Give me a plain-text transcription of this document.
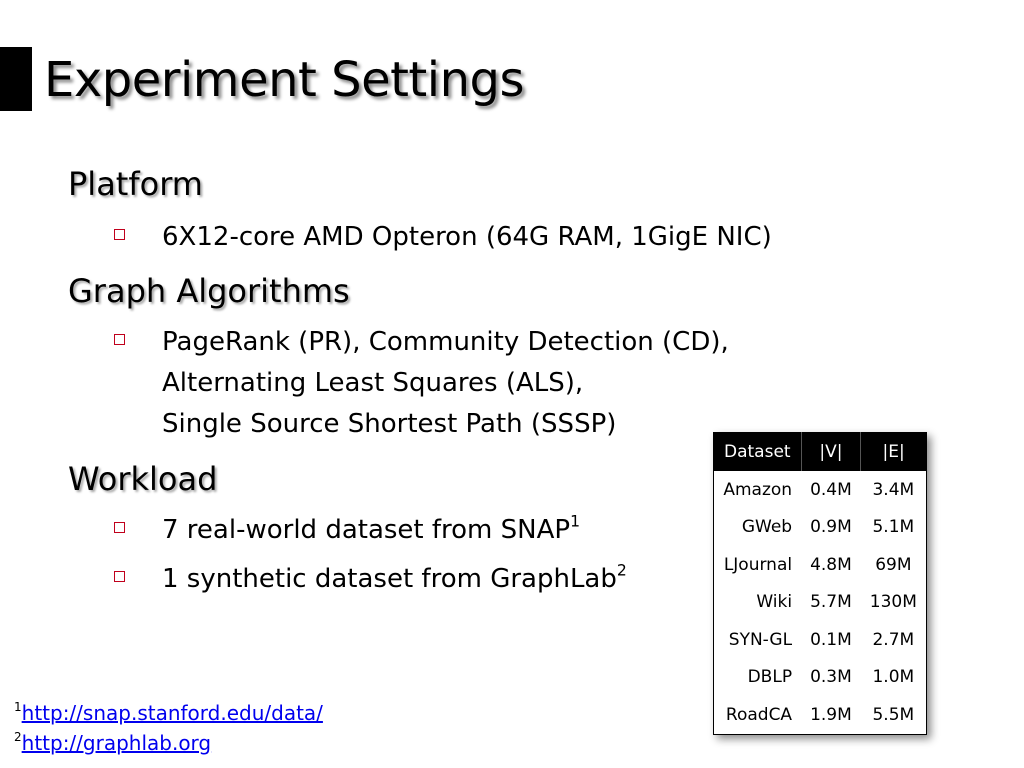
Experiment Settings
Platform
6X12-core AMD Opteron (64G RAM, 1GigE NIC)
Graph Algorithms
PageRank (PR), Community Detection (CD),
Alternating Least Squares (ALS),
Single Source Shortest Path (SSSP)
Workload
7 real-world dataset from SNAP$^1$
1 synthetic dataset from GraphLab$^2$
Dataset	|V|	|E|
Amazon	0.4M	3.4M
GWeb	0.9M	5.1M
LJournal	4.8M	69M
Wiki	5.7M	130M
SYN-GL	0.1M	2.7M
DBLP	0.3M	1.0M
RoadCA	1.9M	5.5M
$^1$http://snap.stanford.edu/data/
$^2$http://graphlab.org
